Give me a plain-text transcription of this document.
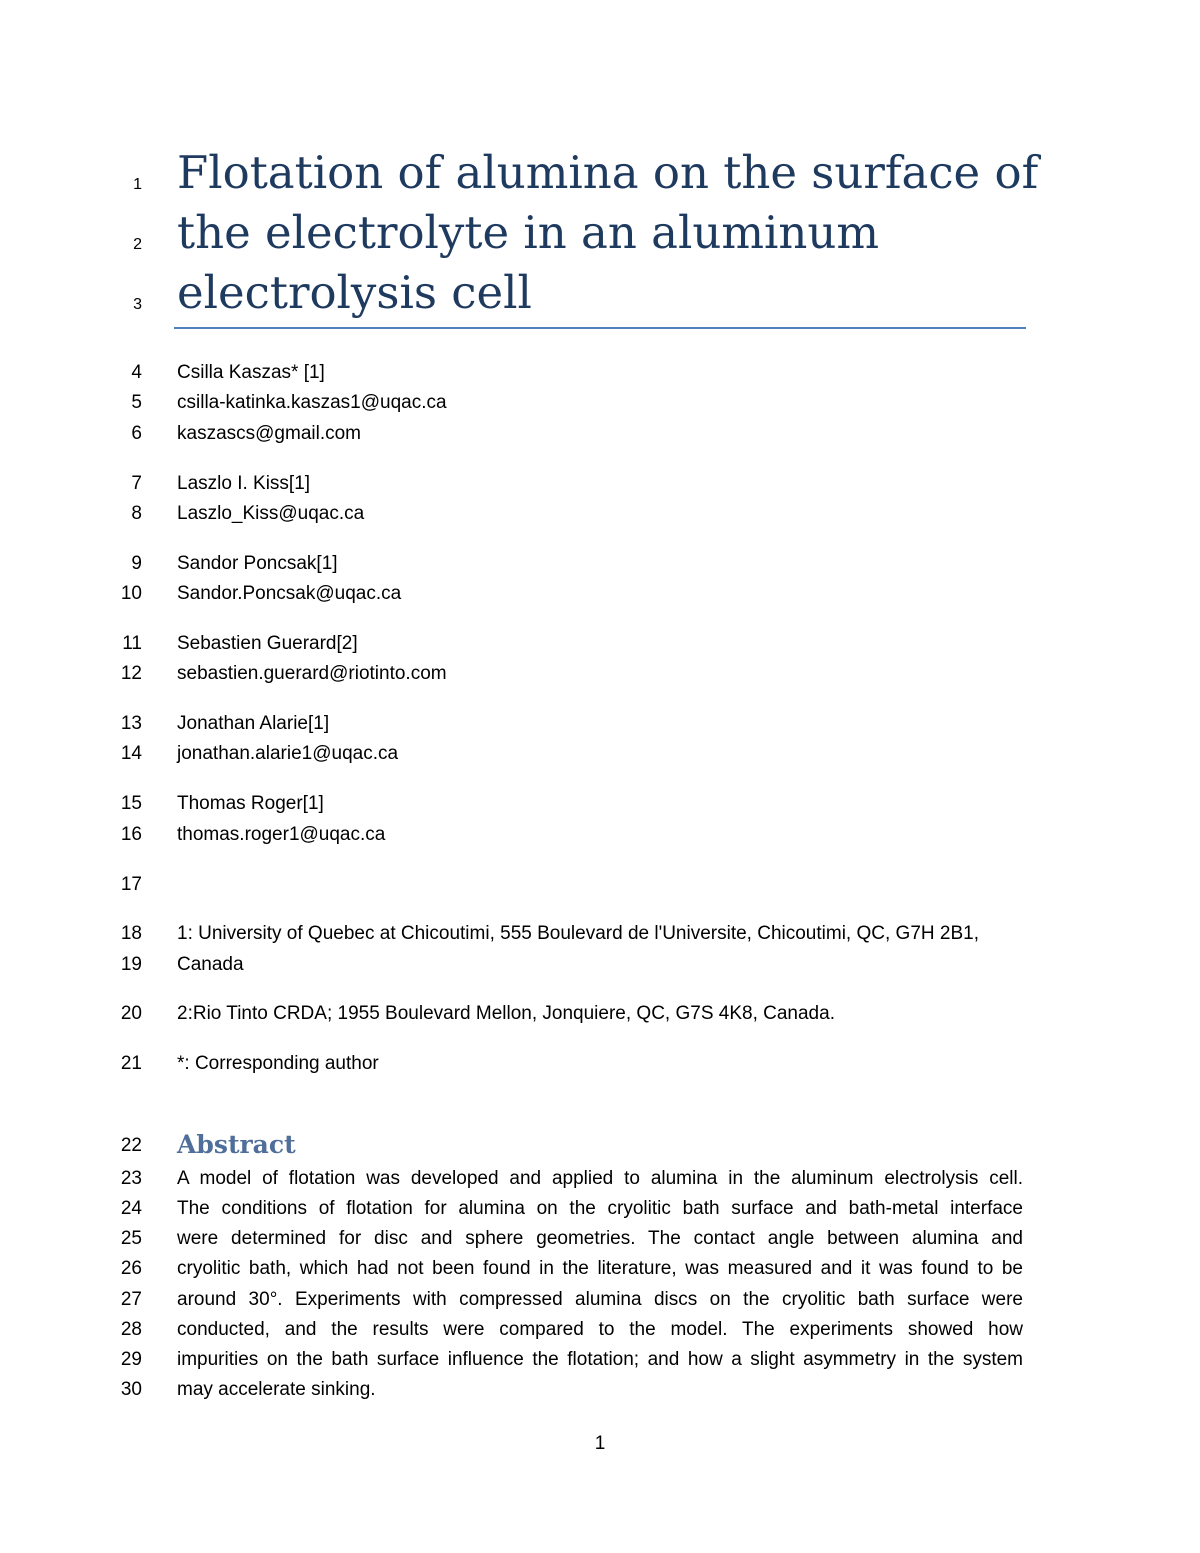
1
2
3
Flotation of alumina on the surface of
the electrolyte in an aluminum
electrolysis cell
4 Csilla Kaszas* [1]
5 csilla-katinka.kaszas1@uqac.ca
6 kaszascs@gmail.com
7 Laszlo I. Kiss[1]
8 Laszlo_Kiss@uqac.ca
9 Sandor Poncsak[1]
10 Sandor.Poncsak@uqac.ca
11 Sebastien Guerard[2]
12 sebastien.guerard@riotinto.com
13 Jonathan Alarie[1]
14 jonathan.alarie1@uqac.ca
15 Thomas Roger[1]
16 thomas.roger1@uqac.ca
17
18 1: University of Quebec at Chicoutimi, 555 Boulevard de l'Universite, Chicoutimi, QC, G7H 2B1,
19 Canada
20 2:Rio Tinto CRDA; 1955 Boulevard Mellon, Jonquiere, QC, G7S 4K8, Canada.
21 *: Corresponding author
22 Abstract
23 A model of flotation was developed and applied to alumina in the aluminum electrolysis cell.
24 The conditions of flotation for alumina on the cryolitic bath surface and bath-metal interface
25 were determined for disc and sphere geometries. The contact angle between alumina and
26 cryolitic bath, which had not been found in the literature, was measured and it was found to be
27 around 30°. Experiments with compressed alumina discs on the cryolitic bath surface were
28 conducted, and the results were compared to the model. The experiments showed how
29 impurities on the bath surface influence the flotation; and how a slight asymmetry in the system
30 may accelerate sinking.
1
